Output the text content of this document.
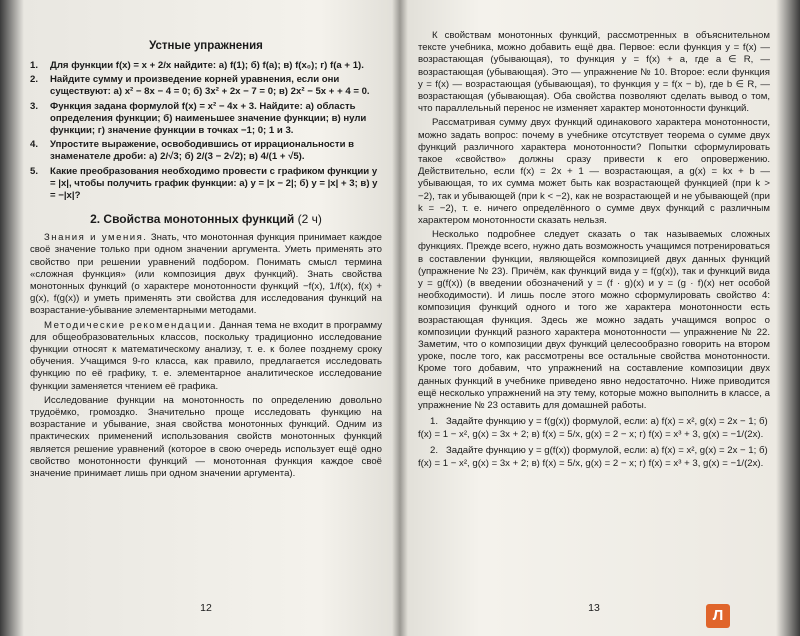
Устные упражнения
1. Для функции f(x) = x + 2/x найдите: а) f(1); б) f(a); в) f(x₀); г) f(a + 1).
2. Найдите сумму и произведение корней уравнения, если они существуют: а) x² − 8x − 4 = 0; б) 3x² + 2x − 7 = 0; в) 2x² − 5x + + 4 = 0.
3. Функция задана формулой f(x) = x² − 4x + 3. Найдите: а) область определения функции; б) наименьшее значение функции; в) нули функции; г) значение функции в точках −1; 0; 1 и 3.
4. Упростите выражение, освободившись от иррациональности в знаменателе дроби: а) 2/√3; б) 2/(3 − 2√2); в) 4/(1 + √5).
5. Какие преобразования необходимо провести с графиком функции y = |x|, чтобы получить график функции: а) y = |x − 2|; б) y = |x| + 3; в) y = −|x|?
2. Свойства монотонных функций (2 ч)

Знания и умения. Знать, что монотонная функция принимает каждое своё значение только при одном значении аргумента. Уметь применять это свойство при решении уравнений подбором. Понимать смысл термина «сложная функция» (или композиция двух функций). Знать свойства монотонных функций (о характере монотонности функций −f(x), 1/f(x), f(x) + g(x), f(g(x)) и уметь применять эти свойства для исследования функций на возрастание-убывание элементарными методами.

Методические рекомендации. Данная тема не входит в программу для общеобразовательных классов, поскольку традиционно исследование функции относят к математическому анализу, т. е. к более позднему сроку обучения. Учащимся 9-го класса, как правило, предлагается исследовать функцию по её графику, т. е. элементарное аналитическое исследование функции заменяется чтением её графика.

Исследование функции на монотонность по определению довольно трудоёмко, громоздко. Значительно проще исследовать функцию на возрастание и убывание, зная свойства монотонных функций. Одним из практических применений использования свойств монотонных функций является решение уравнений (которое в свою очередь использует ещё одно свойство монотонности функций — монотонная функция каждое своё значение принимает лишь при одном значении аргумента).

12

К свойствам монотонных функций, рассмотренных в объяснительном тексте учебника, можно добавить ещё два. Первое: если функция y = f(x) — возрастающая (убывающая), то функция y = f(x) + a, где a ∈ R, — возрастающая (убывающая). Это — упражнение № 10. Второе: если функция y = f(x) — возрастающая (убывающая), то функция y = f(x − b), где b ∈ R, — возрастающая (убывающая). Оба свойства позволяют сделать вывод о том, что параллельный перенос не изменяет характер монотонности функций.

Рассматривая сумму двух функций одинакового характера монотонности, можно задать вопрос: почему в учебнике отсутствует теорема о сумме двух функций различного характера монотонности? Попытки сформулировать такое «свойство» должны сразу привести к его опровержению. Действительно, если f(x) = 2x + 1 — возрастающая, а g(x) = kx + b — убывающая, то их сумма может быть как возрастающей функцией (при k > −2), так и убывающей (при k < −2), как не возрастающей и не убывающей (при k = −2), т. е. ничего определённого о сумме двух функций с различным характером монотонности сказать нельзя.

Несколько подробнее следует сказать о так называемых сложных функциях. Прежде всего, нужно дать возможность учащимся потренироваться в составлении функции, являющейся композицией двух данных функций (упражнение № 23). Причём, как функций вида y = f(g(x)), так и функций вида y = g(f(x)) (в введении обозначений y = (f · g)(x) и y = (g · f)(x) нет особой необходимости). И лишь после этого можно сформулировать свойство 4: композиция функций одного и того же характера монотонности есть возрастающая функция. Здесь же можно задать учащимся вопрос о композиции функций разного характера монотонности — упражнение № 22. Заметим, что о композиции двух функций целесообразно говорить на втором уроке, после того, как рассмотрены все остальные свойства монотонности. Кроме того добавим, что упражнений на составление композиции двух данных функций в учебнике приведено явно недостаточно. Ниже приводится ещё несколько упражнений на эту тему, которые можно выполнить в классе, а упражнение № 23 оставить для домашней работы.

1. Задайте функцию y = f(g(x)) формулой, если: а) f(x) = x², g(x) = 2x − 1; б) f(x) = 1 − x², g(x) = 3x + 2; в) f(x) = 5/x, g(x) = 2 − x; г) f(x) = x³ + 3, g(x) = −1/(2x).

2. Задайте функцию y = g(f(x)) формулой, если: а) f(x) = x², g(x) = 2x − 1; б) f(x) = 1 − x², g(x) = 3x + 2; в) f(x) = 5/x, g(x) = 2 − x; г) f(x) = x³ + 3, g(x) = −1/(2x).

13	Л
